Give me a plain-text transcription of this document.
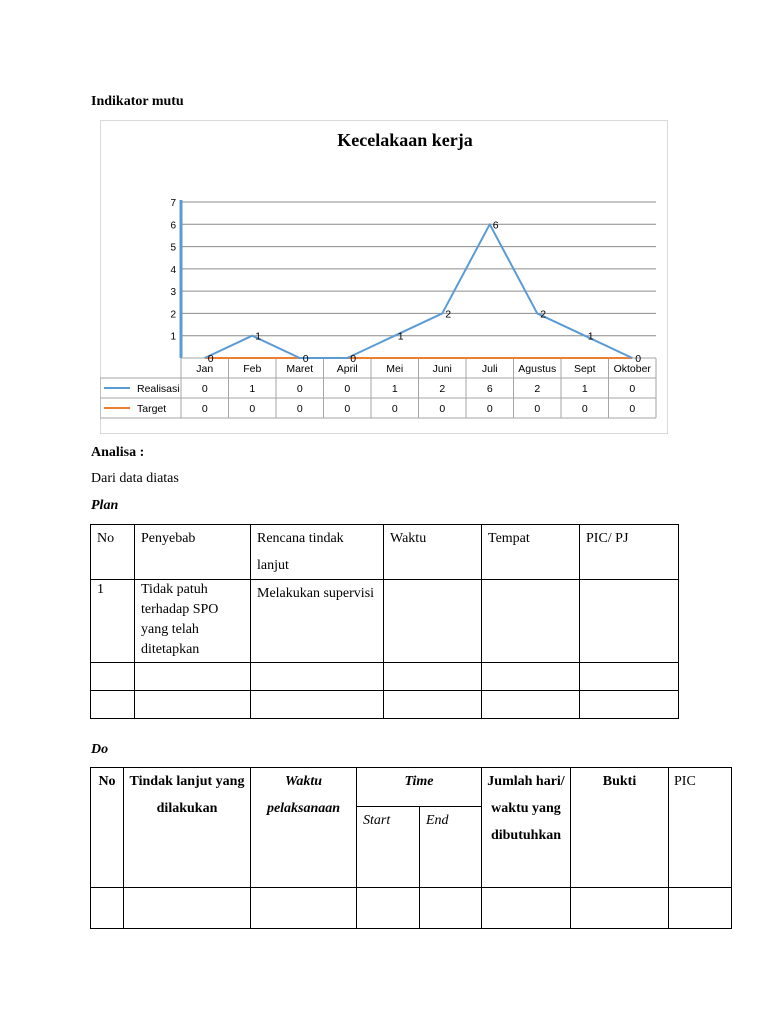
Indikator mutu
Kecelakaan kerja
1
2
3
4
5
6
7
Jan	Feb Maret April	Mei	Juni	Juli Agustus Sept Oktober
Realisasi 0	1	0	0	1	2	6	2	1	0
Target	0	0	0	0	0	0	0	0	0	0
0
1
0	0
1
2
6
2
1
0
Analisa :
Dari data diatas
Plan
No	Penyebab	Rencana tindak lanjut	Waktu	Tempat	PIC/ PJ
1	Tidak patuh terhadap SPO yang telah ditetapkan	Melakukan supervisi			

Do
No	Tindak lanjut yang dilakukan	Waktu pelaksanaan	Time		Jumlah hari/ waktu yang dibutuhkan	Bukti	PIC
			Start	End			
